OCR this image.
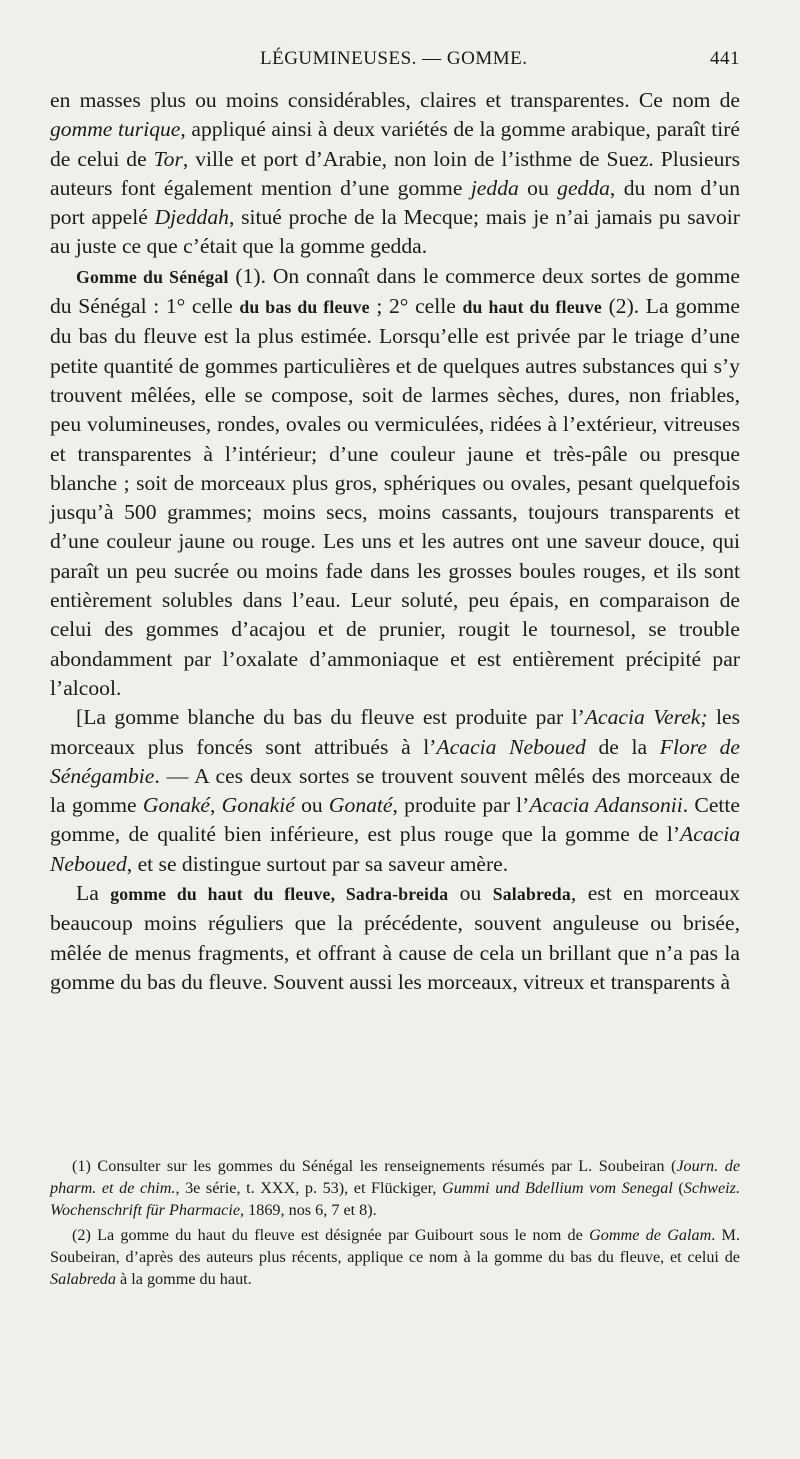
LÉGUMINEUSES. — GOMME.	441

en masses plus ou moins considérables, claires et transparentes. Ce nom de gomme turique, appliqué ainsi à deux variétés de la gomme arabique, paraît tiré de celui de Tor, ville et port d’Arabie, non loin de l’isthme de Suez. Plusieurs auteurs font également mention d’une gomme jedda ou gedda, du nom d’un port appelé Djeddah, situé proche de la Mecque; mais je n’ai jamais pu savoir au juste ce que c’était que la gomme gedda.

Gomme du Sénégal (1). On connaît dans le commerce deux sortes de gomme du Sénégal : 1° celle du bas du fleuve ; 2° celle du haut du fleuve (2). La gomme du bas du fleuve est la plus estimée. Lorsqu’elle est privée par le triage d’une petite quantité de gommes particulières et de quelques autres substances qui s’y trouvent mêlées, elle se compose, soit de larmes sèches, dures, non friables, peu volumineuses, rondes, ovales ou vermiculées, ridées à l’extérieur, vitreuses et transparentes à l’intérieur; d’une couleur jaune et très-pâle ou presque blanche ; soit de morceaux plus gros, sphériques ou ovales, pesant quelquefois jusqu’à 500 grammes; moins secs, moins cassants, toujours transparents et d’une couleur jaune ou rouge. Les uns et les autres ont une saveur douce, qui paraît un peu sucrée ou moins fade dans les grosses boules rouges, et ils sont entièrement solubles dans l’eau. Leur soluté, peu épais, en comparaison de celui des gommes d’acajou et de prunier, rougit le tournesol, se trouble abondamment par l’oxalate d’ammoniaque et est entièrement précipité par l’alcool.

[La gomme blanche du bas du fleuve est produite par l’Acacia Verek; les morceaux plus foncés sont attribués à l’Acacia Neboued de la Flore de Sénégambie. — A ces deux sortes se trouvent souvent mêlés des morceaux de la gomme Gonaké, Gonakié ou Gonaté, produite par l’Acacia Adansonii. Cette gomme, de qualité bien inférieure, est plus rouge que la gomme de l’Acacia Neboued, et se distingue surtout par sa saveur amère.

La gomme du haut du fleuve, Sadra-breida ou Salabreda, est en morceaux beaucoup moins réguliers que la précédente, souvent anguleuse ou brisée, mêlée de menus fragments, et offrant à cause de cela un brillant que n’a pas la gomme du bas du fleuve. Souvent aussi les morceaux, vitreux et transparents à

(1) Consulter sur les gommes du Sénégal les renseignements résumés par L. Soubeiran (Journ. de pharm. et de chim., 3e série, t. XXX, p. 53), et Flückiger, Gummi und Bdellium vom Senegal (Schweiz. Wochenschrift für Pharmacie, 1869, nos 6, 7 et 8).

(2) La gomme du haut du fleuve est désignée par Guibourt sous le nom de Gomme de Galam. M. Soubeiran, d’après des auteurs plus récents, applique ce nom à la gomme du bas du fleuve, et celui de Salabreda à la gomme du haut.
